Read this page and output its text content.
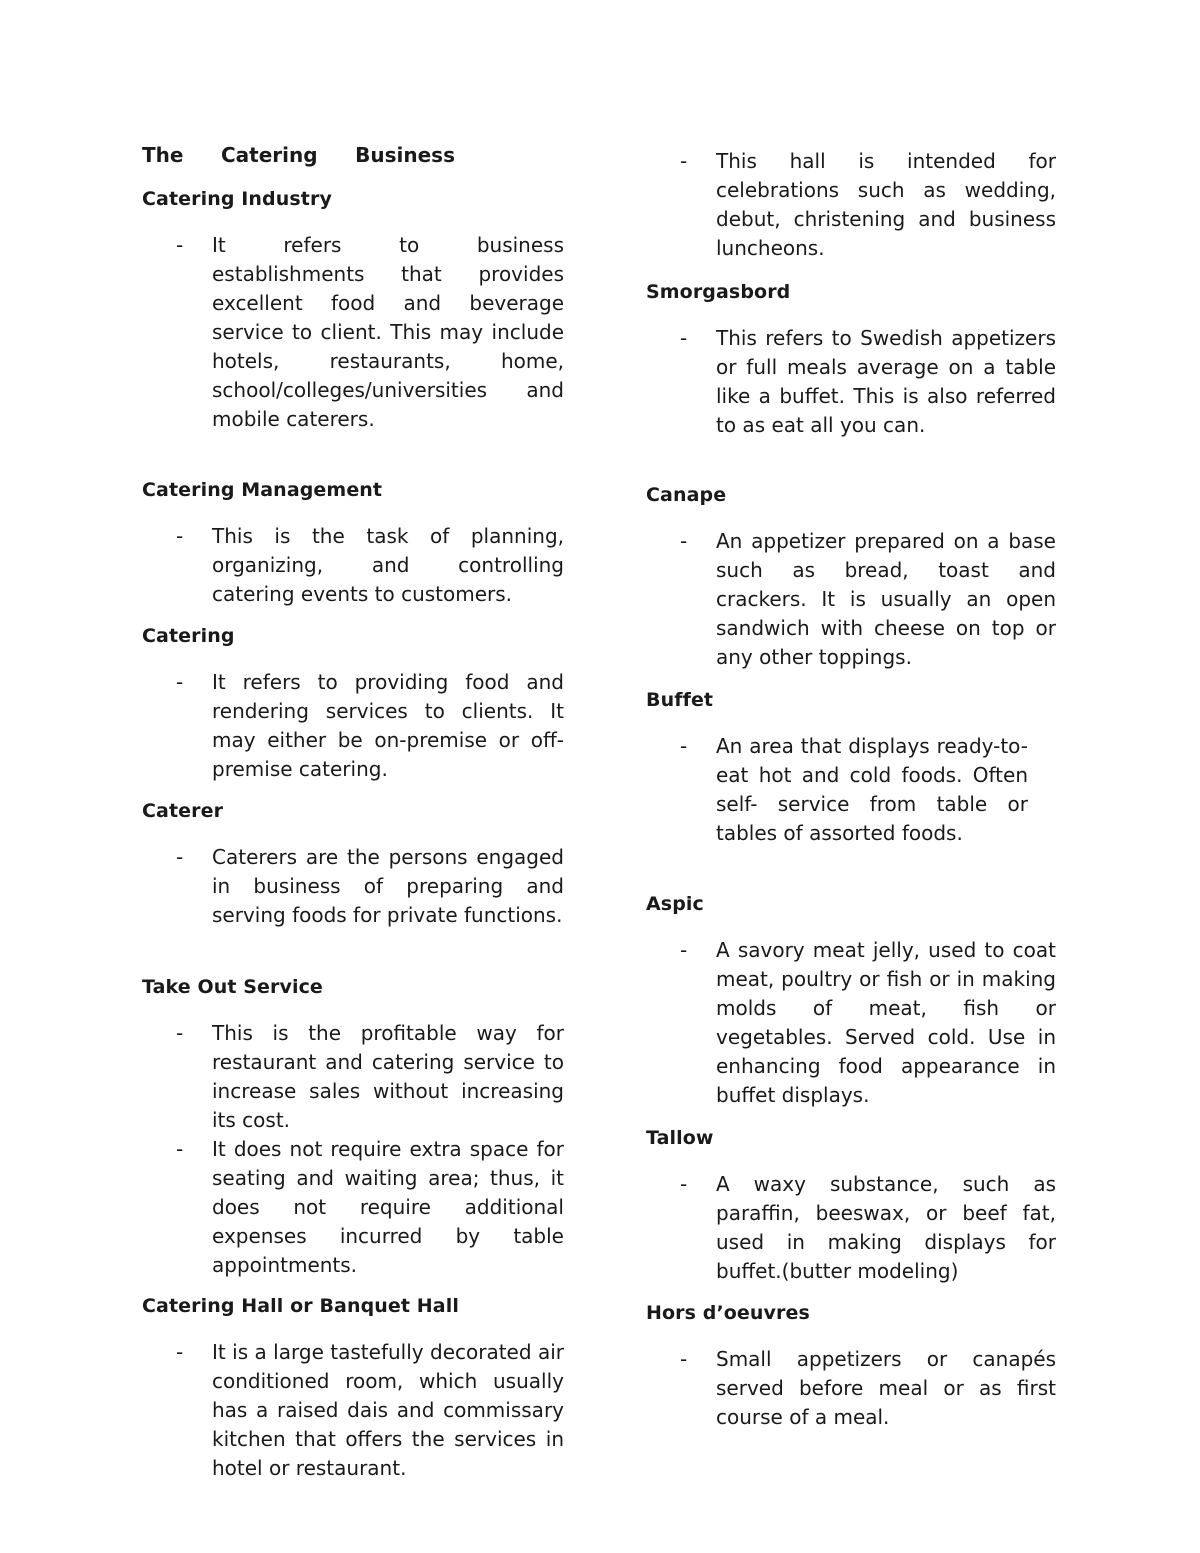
The Catering Business
Catering Industry

- It refers to business establishments that provides excellent food and beverage service to client. This may include hotels, restaurants, home, school/colleges/universities and mobile caterers.

Catering Management

- This is the task of planning, organizing, and controlling catering events to customers.

Catering

- It refers to providing food and rendering services to clients. It may either be on-premise or off-premise catering.

Caterer

- Caterers are the persons engaged in business of preparing and serving foods for private functions.

Take Out Service

- This is the profitable way for restaurant and catering service to increase sales without increasing its cost.

- It does not require extra space for seating and waiting area; thus, it does not require additional expenses incurred by table appointments.

Catering Hall or Banquet Hall

- It is a large tastefully decorated air conditioned room, which usually has a raised dais and commissary kitchen that offers the services in hotel or restaurant.

- This hall is intended for celebrations such as wedding, debut, christening and business luncheons.

Smorgasbord

- This refers to Swedish appetizers or full meals average on a table like a buffet. This is also referred to as eat all you can.

Canape

- An appetizer prepared on a base such as bread, toast and crackers. It is usually an open sandwich with cheese on top or any other toppings.

Buffet

- An area that displays ready-to-eat hot and cold foods. Often self- service from table or tables of assorted foods.

Aspic

- A savory meat jelly, used to coat meat, poultry or fish or in making molds of meat, fish or vegetables. Served cold. Use in enhancing food appearance in buffet displays.

Tallow

- A waxy substance, such as paraffin, beeswax, or beef fat, used in making displays for buffet.(butter modeling)

Hors d’oeuvres

- Small appetizers or canapés served before meal or as first course of a meal.
